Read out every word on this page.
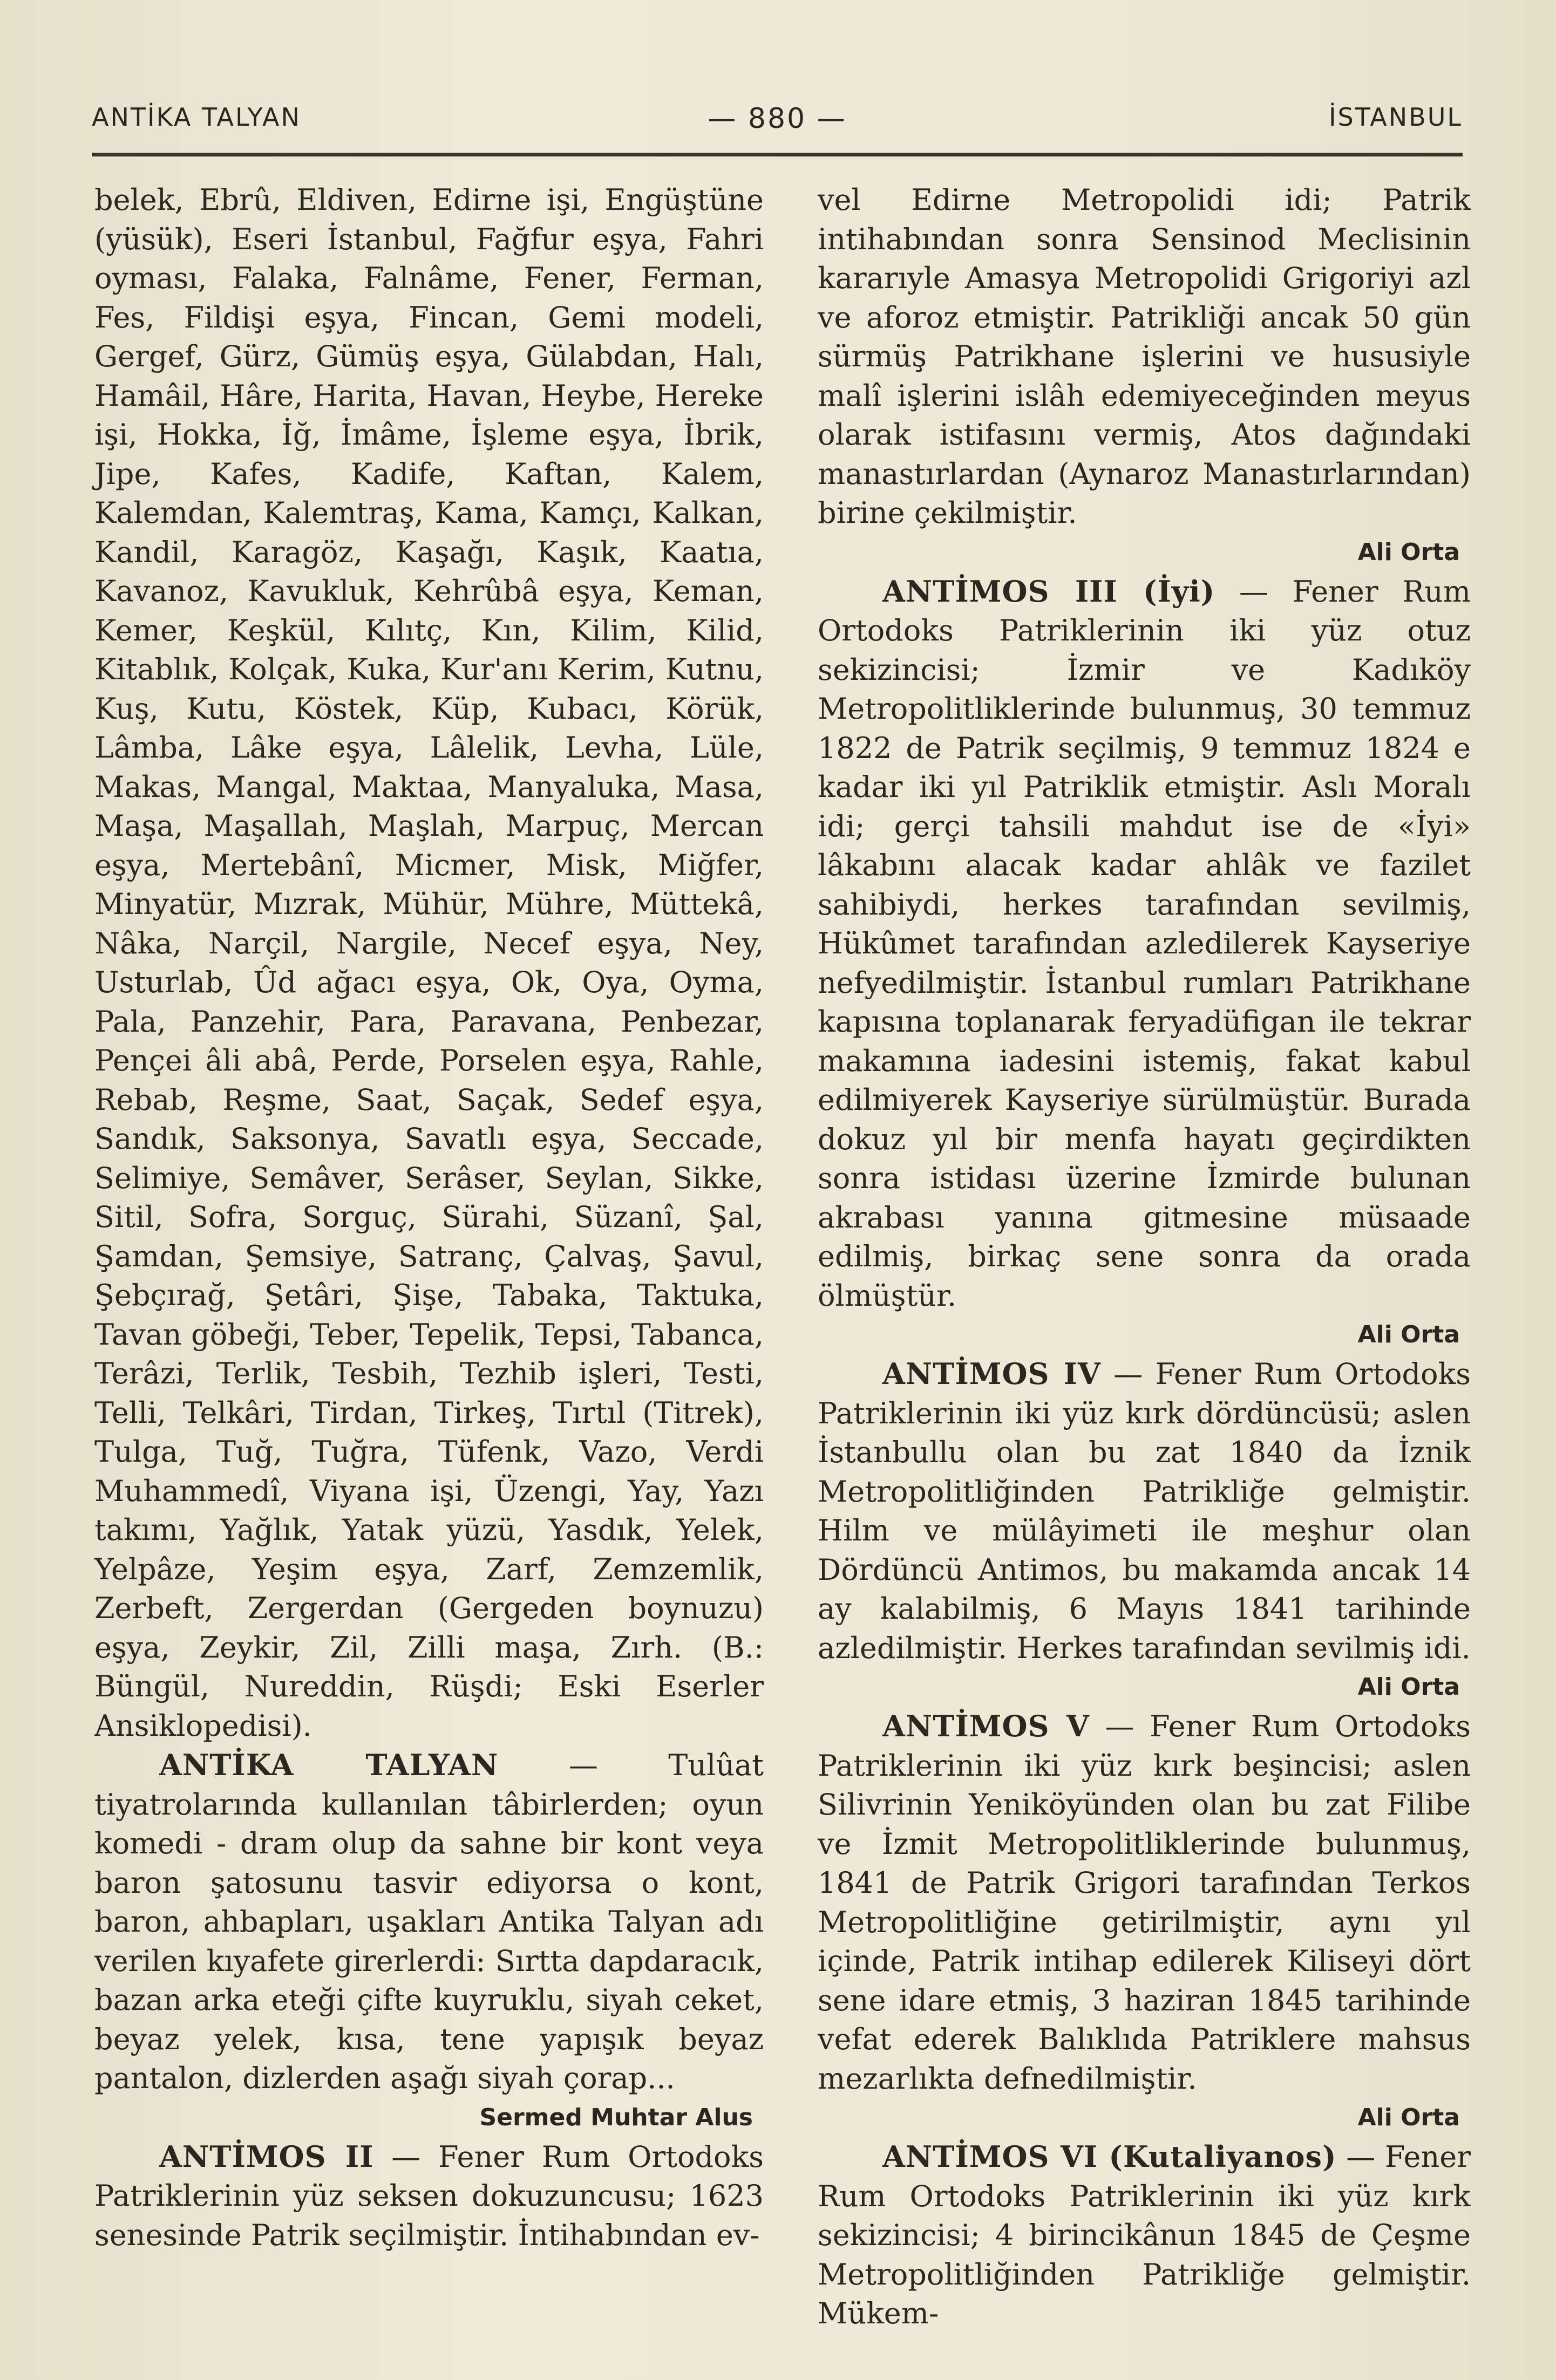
ANTİKA TALYAN	— 880 —	İSTANBUL

belek, Ebrû, Eldiven, Edirne işi, Engüştüne (yüsük), Eseri İstanbul, Fağfur eşya, Fahri oyması, Falaka, Falnâme, Fener, Ferman, Fes, Fildişi eşya, Fincan, Gemi modeli, Gergef, Gürz, Gümüş eşya, Gülabdan, Halı, Hamâil, Hâre, Harita, Havan, Heybe, Hereke işi, Hokka, İğ, İmâme, İşleme eşya, İbrik, Jipe, Kafes, Kadife, Kaftan, Kalem, Kalemdan, Kalemtraş, Kama, Kamçı, Kalkan, Kandil, Karagöz, Kaşağı, Kaşık, Kaatıa, Kavanoz, Kavukluk, Kehrûbâ eşya, Keman, Kemer, Keşkül, Kılıtç, Kın, Kilim, Kilid, Kitablık, Kolçak, Kuka, Kur'anı Kerim, Kutnu, Kuş, Kutu, Köstek, Küp, Kubacı, Körük, Lâmba, Lâke eşya, Lâlelik, Levha, Lüle, Makas, Mangal, Maktaa, Manyaluka, Masa, Maşa, Maşallah, Maşlah, Marpuç, Mercan eşya, Mertebânî, Micmer, Misk, Miğfer, Minyatür, Mızrak, Mühür, Mühre, Müttekâ, Nâka, Narçil, Nargile, Necef eşya, Ney, Usturlab, Ûd ağacı eşya, Ok, Oya, Oyma, Pala, Panzehir, Para, Paravana, Penbezar, Pençei âli abâ, Perde, Porselen eşya, Rahle, Rebab, Reşme, Saat, Saçak, Sedef eşya, Sandık, Saksonya, Savatlı eşya, Seccade, Selimiye, Semâver, Serâser, Seylan, Sikke, Sitil, Sofra, Sorguç, Sürahi, Süzanî, Şal, Şamdan, Şemsiye, Satranç, Çalvaş, Şavul, Şebçırağ, Şetâri, Şişe, Tabaka, Taktuka, Tavan göbeği, Teber, Tepelik, Tepsi, Tabanca, Terâzi, Terlik, Tesbih, Tezhib işleri, Testi, Telli, Telkâri, Tirdan, Tirkeş, Tırtıl (Titrek), Tulga, Tuğ, Tuğra, Tüfenk, Vazo, Verdi Muhammedî, Viyana işi, Üzengi, Yay, Yazı takımı, Yağlık, Yatak yüzü, Yasdık, Yelek, Yelpâze, Yeşim eşya, Zarf, Zemzemlik, Zerbeft, Zergerdan (Gergeden boynuzu) eşya, Zeykir, Zil, Zilli maşa, Zırh. (B.: Büngül, Nureddin, Rüşdi; Eski Eserler Ansiklopedisi).

ANTİKA TALYAN — Tulûat tiyatrolarında kullanılan tâbirlerden; oyun komedi - dram olup da sahne bir kont veya baron şatosunu tasvir ediyorsa o kont, baron, ahbapları, uşakları Antika Talyan adı verilen kıyafete girerlerdi: Sırtta dapdaracık, bazan arka eteği çifte kuyruklu, siyah ceket, beyaz yelek, kısa, tene yapışık beyaz pantalon, dizlerden aşağı siyah çorap...

Sermed Muhtar Alus

ANTİMOS II — Fener Rum Ortodoks Patriklerinin yüz seksen dokuzuncusu; 1623 senesinde Patrik seçilmiştir. İntihabından ev-

vel Edirne Metropolidi idi; Patrik intihabından sonra Sensinod Meclisinin kararıyle Amasya Metropolidi Grigoriyi azl ve aforoz etmiştir. Patrikliği ancak 50 gün sürmüş Patrikhane işlerini ve hususiyle malî işlerini islâh edemiyeceğinden meyus olarak istifasını vermiş, Atos dağındaki manastırlardan (Aynaroz Manastırlarından) birine çekilmiştir.

Ali Orta

ANTİMOS III (İyi) — Fener Rum Ortodoks Patriklerinin iki yüz otuz sekizincisi; İzmir ve Kadıköy Metropolitliklerinde bulunmuş, 30 temmuz 1822 de Patrik seçilmiş, 9 temmuz 1824 e kadar iki yıl Patriklik etmiştir. Aslı Moralı idi; gerçi tahsili mahdut ise de «İyi» lâkabını alacak kadar ahlâk ve fazilet sahibiydi, herkes tarafından sevilmiş, Hükûmet tarafından azledilerek Kayseriye nefyedilmiştir. İstanbul rumları Patrikhane kapısına toplanarak feryadüfigan ile tekrar makamına iadesini istemiş, fakat kabul edilmiyerek Kayseriye sürülmüştür. Burada dokuz yıl bir menfa hayatı geçirdikten sonra istidası üzerine İzmirde bulunan akrabası yanına gitmesine müsaade edilmiş, birkaç sene sonra da orada ölmüştür.

Ali Orta

ANTİMOS IV — Fener Rum Ortodoks Patriklerinin iki yüz kırk dördüncüsü; aslen İstanbullu olan bu zat 1840 da İznik Metropolitliğinden Patrikliğe gelmiştir. Hilm ve mülâyimeti ile meşhur olan Dördüncü Antimos, bu makamda ancak 14 ay kalabilmiş, 6 Mayıs 1841 tarihinde azledilmiştir. Herkes tarafından sevilmiş idi.

Ali Orta

ANTİMOS V — Fener Rum Ortodoks Patriklerinin iki yüz kırk beşincisi; aslen Silivrinin Yeniköyünden olan bu zat Filibe ve İzmit Metropolitliklerinde bulunmuş, 1841 de Patrik Grigori tarafından Terkos Metropolitliğine getirilmiştir, aynı yıl içinde, Patrik intihap edilerek Kiliseyi dört sene idare etmiş, 3 haziran 1845 tarihinde vefat ederek Balıklıda Patriklere mahsus mezarlıkta defnedilmiştir.

Ali Orta

ANTİMOS VI (Kutaliyanos) — Fener Rum Ortodoks Patriklerinin iki yüz kırk sekizincisi; 4 birincikânun 1845 de Çeşme Metropolitliğinden Patrikliğe gelmiştir. Mükem-
